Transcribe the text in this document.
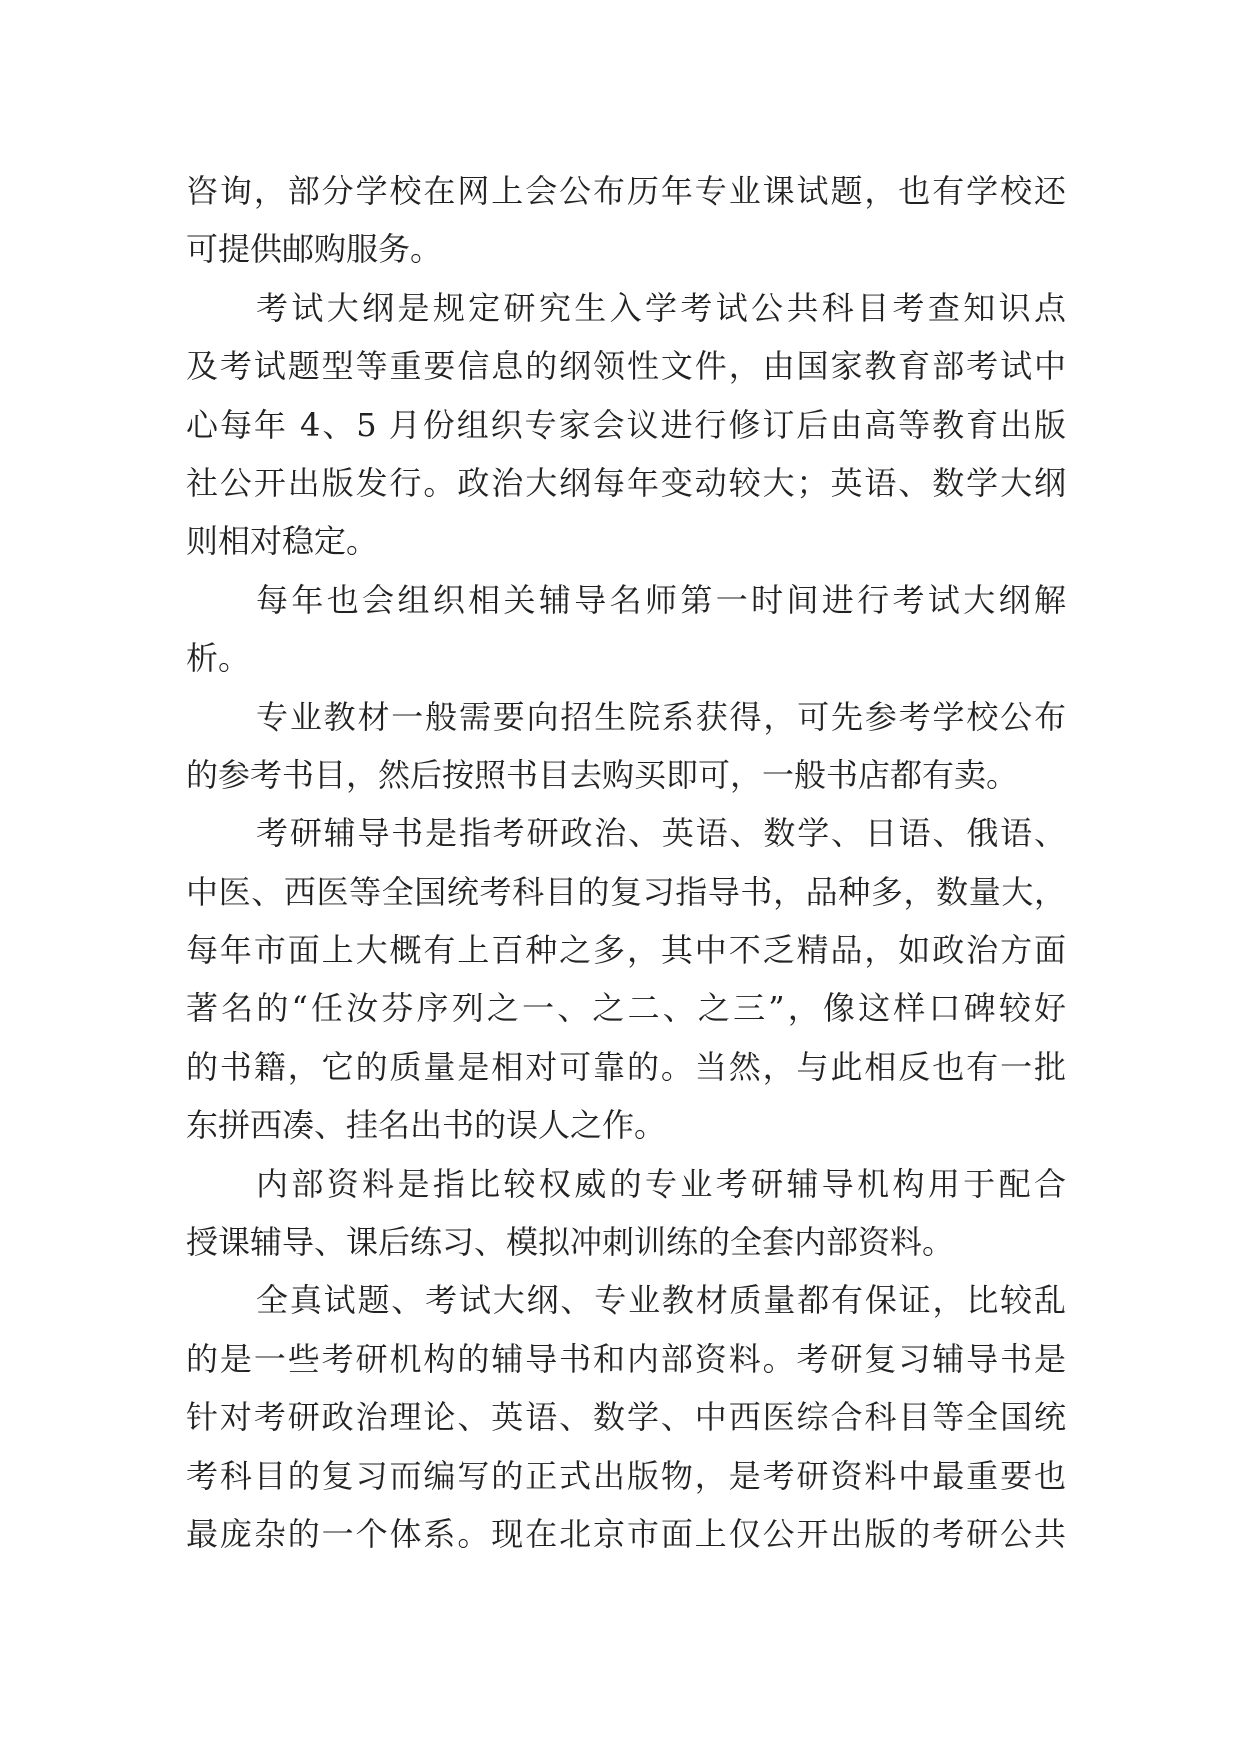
咨询，部分学校在网上会公布历年专业课试题，也有学校还
可提供邮购服务。
考试大纲是规定研究生入学考试公共科目考查知识点
及考试题型等重要信息的纲领性文件，由国家教育部考试中
心每年 4、5 月份组织专家会议进行修订后由高等教育出版
社公开出版发行。政治大纲每年变动较大；英语、数学大纲
则相对稳定。
每年也会组织相关辅导名师第一时间进行考试大纲解
析。
专业教材一般需要向招生院系获得，可先参考学校公布
的参考书目，然后按照书目去购买即可，一般书店都有卖。
考研辅导书是指考研政治、英语、数学、日语、俄语、
中医、西医等全国统考科目的复习指导书，品种多，数量大，
每年市面上大概有上百种之多，其中不乏精品，如政治方面
著名的“任汝芬序列之一、之二、之三”，像这样口碑较好
的书籍，它的质量是相对可靠的。当然，与此相反也有一批
东拼西凑、挂名出书的误人之作。
内部资料是指比较权威的专业考研辅导机构用于配合
授课辅导、课后练习、模拟冲刺训练的全套内部资料。
全真试题、考试大纲、专业教材质量都有保证，比较乱
的是一些考研机构的辅导书和内部资料。考研复习辅导书是
针对考研政治理论、英语、数学、中西医综合科目等全国统
考科目的复习而编写的正式出版物，是考研资料中最重要也
最庞杂的一个体系。现在北京市面上仅公开出版的考研公共
